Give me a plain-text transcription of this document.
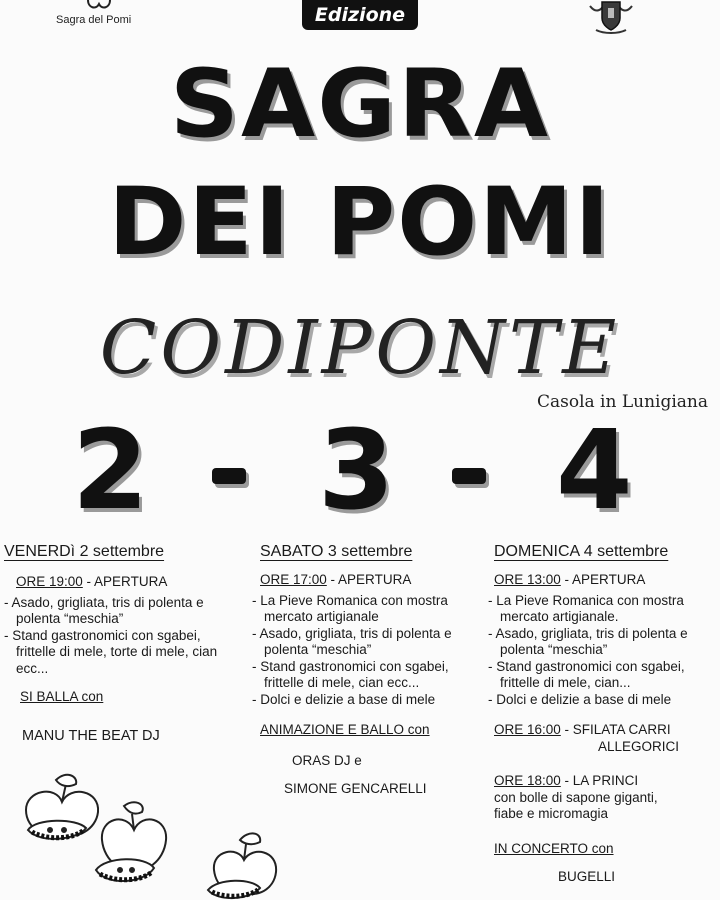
Sagra del Pomi	Edizione
SAGRA
DEI POMI
CODIPONTE
Casola in Lunigiana
2 3 4
VENERDì 2 settembre
ORE 19:00 - APERTURA
- Asado, grigliata, tris di polenta e polenta “meschia”
- Stand gastronomici con sgabei, frittelle di mele, torte di mele, cian ecc...
SI BALLA con
MANU THE BEAT DJ
SABATO 3 settembre
ORE 17:00 - APERTURA
- La Pieve Romanica con mostra mercato artigianale
- Asado, grigliata, tris di polenta e polenta “meschia”
- Stand gastronomici con sgabei, frittelle di mele, cian ecc...
- Dolci e delizie a base di mele
ANIMAZIONE E BALLO con
ORAS DJ e
SIMONE GENCARELLI
DOMENICA 4 settembre
ORE 13:00 - APERTURA
- La Pieve Romanica con mostra mercato artigianale.
- Asado, grigliata, tris di polenta e polenta “meschia”
- Stand gastronomici con sgabei, frittelle di mele, cian...
- Dolci e delizie a base di mele
ORE 16:00 - SFILATA CARRI
ALLEGORICI
ORE 18:00 - LA PRINCI
con bolle di sapone giganti,
fiabe e micromagia
IN CONCERTO con
BUGELLI
